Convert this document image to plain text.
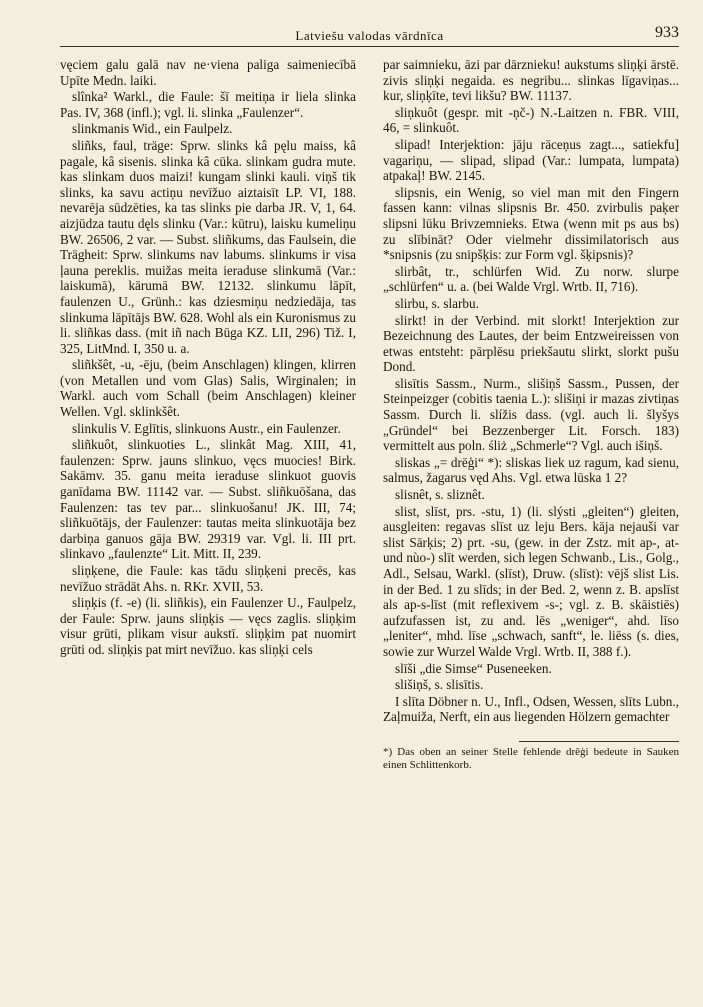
Latviešu valodas vārdnīca	933

vęciem galu galā nav ne·viena paliga saimeniecībā Upīte Medn. laiki.

slînka² Warkl., die Faule: šī meitiņa ir liela slinka Pas. IV, 368 (infl.); vgl. li. slinka „Faulenzer“.

slinkmanis Wid., ein Faulpelz.

sliñks, faul, träge: Sprw. slinks kâ pęlu maiss, kâ pagale, kâ sisenis. slinka kâ cūka. slinkam gudra mute. kas slinkam duos maizi! kungam slinki kauli. viņš tik slinks, ka savu actiņu nevīžuo aiztaisīt LP. VI, 188. nevarēja sūdzēties, ka tas slinks pie darba JR. V, 1, 64. aizjūdza tautu dęls slinku (Var.: kūtru), laisku kumeliņu BW. 26506, 2 var. — Subst. sliñkums, das Faulsein, die Trägheit: Sprw. slinkums nav labums. slinkums ir visa ļauna pereklis. muižas meita ieraduse slinkumā (Var.: laiskumā), kārumā BW. 12132. slinkumu lāpīt, faulenzen U., Grünh.: kas dziesmiņu nedziedāja, tas slinkuma lāpītājs BW. 628. Wohl als ein Kuronismus zu li. sliñkas dass. (mit iñ nach Būga KZ. LII, 296) Tiž. I, 325, LitMnd. I, 350 u. a.

sliñkšêt, -u, -ēju, (beim Anschlagen) klingen, klirren (von Metallen und vom Glas) Salis, Wirginalen; in Warkl. auch vom Schall (beim Anschlagen) kleiner Wellen. Vgl. sklinkšêt.

slinkulis V. Eglītis, slinkuons Austr., ein Faulenzer.

sliñkuôt, slinkuoties L., slinkât Mag. XIII, 41, faulenzen: Sprw. jauns slinkuo, vęcs muocies! Birk. Sakāmv. 35. ganu meita ieraduse slinkuot guovis ganīdama BW. 11142 var. — Subst. sliñkuōšana, das Faulenzen: tas tev par... slinkuošanu! JK. III, 74; sliñkuōtājs, der Faulenzer: tautas meita slinkuotāja bez darbiņa ganuos gāja BW. 29319 var. Vgl. li. III prt. slinkavo „faulenzte“ Lit. Mitt. II, 239.

sliņķene, die Faule: kas tādu sliņķeni precēs, kas nevīžuo strādāt Ahs. n. RKr. XVII, 53.

sliņķis (f. -e) (li. sliñkis), ein Faulenzer U., Faulpelz, der Faule: Sprw. jauns sliņķis — vęcs zaglis. sliņķim visur grūti, plikam visur aukstī. sliņķim pat nuomirt grūti od. sliņķis pat mirt nevīžuo. kas sliņķi cels

par saimnieku, āzi par dārznieku! aukstums sliņķi ārstē. zivis sliņķi negaida. es negribu... slinkas līgaviņas... kur, sliņķīte, tevi likšu? BW. 11137.

sliņkuôt (gespr. mit -ņč-) N.-Laitzen n. FBR. VIII, 46, = slinkuôt.

slipad! Interjektion: jāju rāceņus zagt..., satiekfu] vagariņu, — slipad, slipad (Var.: lumpata, lumpata) atpakaļ! BW. 2145.

slipsnis, ein Wenig, so viel man mit den Fingern fassen kann: vilnas slipsnis Br. 450. zvirbulis paķer slipsni lūku Brivzemnieks. Etwa (wenn mit ps aus bs) zu slībināt? Oder vielmehr dissimilatorisch aus *snipsnis (zu snipšķis: zur Form vgl. šķipsnis)?

slirbât, tr., schlürfen Wid. Zu norw. slurpe „schlürfen“ u. a. (bei Walde Vrgl. Wrtb. II, 716).

slirbu, s. slarbu.

slirkt! in der Verbind. mit slorkt! Interjektion zur Bezeichnung des Lautes, der beim Entzweireissen von etwas entsteht: pārplēsu priekšautu slirkt, slorkt pušu Dond.

slisītis Sassm., Nurm., slišiņš Sassm., Pussen, der Steinpeizger (cobitis taenia L.): slišiņi ir mazas zivtiņas Sassm. Durch li. slížis dass. (vgl. auch li. šlyšys „Gründel“ bei Bezzenberger Lit. Forsch. 183) vermittelt aus poln. śliż „Schmerle“? Vgl. auch išiņš.

sliskas „= drēģi“ *): sliskas liek uz ragum, kad sienu, salmus, žagarus vęd Ahs. Vgl. etwa lūska 1 2?

slisnêt, s. sliznêt.

slist, slīst, prs. -stu, 1) (li. slýsti „gleiten“) gleiten, ausgleiten: regavas slīst uz leju Bers. kāja nejauši var slist Sārķis; 2) prt. -su, (gew. in der Zstz. mit ap-, at- und nùo-) slīt werden, sich legen Schwanb., Lis., Golg., Adl., Selsau, Warkl. (slīst), Druw. (slīst): vējš slist Lis. in der Bed. 1 zu slīds; in der Bed. 2, wenn z. B. apslīst als ap-s-līst (mit reflexivem -s-; vgl. z. B. skāistiēs) aufzufassen ist, zu and. lēs „weniger“, ahd. līso „leniter“, mhd. līse „schwach, sanft“, le. liēss (s. dies, sowie zur Wurzel Walde Vrgl. Wrtb. II, 388 f.).

slīši „die Simse“ Puseneeken.

slišiņš, s. slisītis.

I slīta Döbner n. U., Infl., Odsen, Wessen, slīts Lubn., Zaļmuiža, Nerft, ein aus liegenden Hölzern gemachter

*) Das oben an seiner Stelle fehlende drēģi bedeute in Sauken einen Schlittenkorb.
